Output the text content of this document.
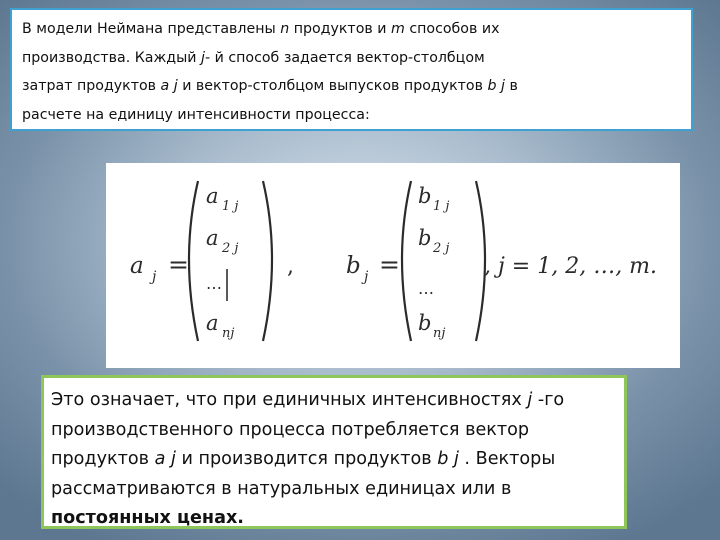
В модели Неймана представлены n продуктов и m способов их
производства. Каждый j- й способ задается вектор-столбцом
затрат продуктов a j и вектор-столбцом выпусков продуктов b j в
расчете на единицу интенсивности процесса:
a j =
a 1 j
a 2 j
…
a nj
, b j =
b 1 j
b 2 j
…
b nj
, j = 1, 2, …, m.
Это означает, что при единичных интенсивностях j -го
производственного процесса потребляется вектор
продуктов a j и производится продуктов b j . Векторы
рассматриваются в натуральных единицах или в
постоянных ценах.
